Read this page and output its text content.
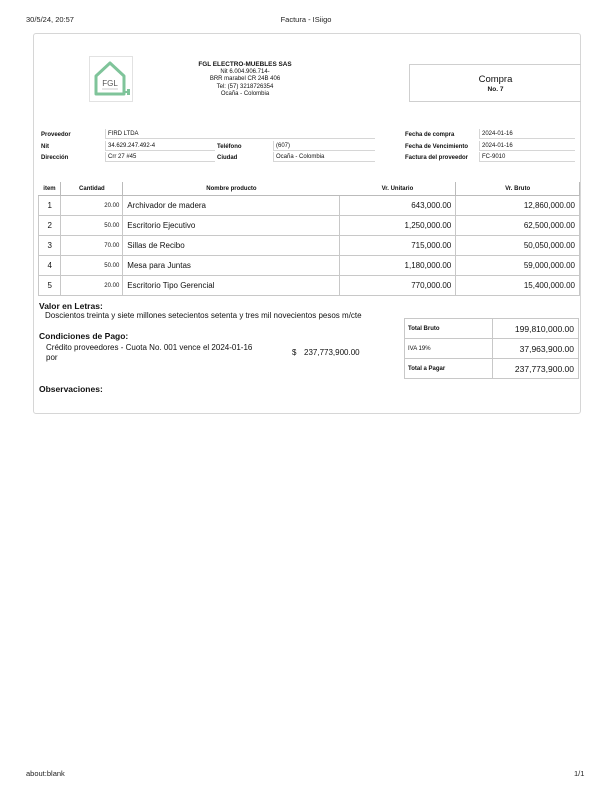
30/5/24, 20:57	Factura - ISiigo
FGL
FGL ELECTRO-MUEBLES SAS
Nit 6.004.906.714-
BRR marabel CR 24B 406
Tel: (57) 3218726354
Ocaña - Colombia
Compra
No. 7
Proveedor	FIRD LTDA
Nit	34.629.247.492-4	Teléfono	(607)
Dirección	Crr 27 #45	Ciudad	Ocaña - Colombia
Fecha de compra	2024-01-16
Fecha de Vencimiento	2024-01-16
Factura del proveedor	FC-9010
item	Cantidad	Nombre producto	Vr. Unitario	Vr. Bruto
1	20.00	Archivador de madera	643,000.00	12,860,000.00
2	50.00	Escritorio Ejecutivo	1,250,000.00	62,500,000.00
3	70.00	Sillas de Recibo	715,000.00	50,050,000.00
4	50.00	Mesa para Juntas	1,180,000.00	59,000,000.00
5	20.00	Escritorio Tipo Gerencial	770,000.00	15,400,000.00
Valor en Letras:
Doscientos treinta y siete millones setecientos setenta y tres mil novecientos pesos m/cte
Condiciones de Pago:
Crédito proveedores - Cuota No. 001 vence el 2024-01-16
por
$ 237,773,900.00
Total Bruto	199,810,000.00
IVA 19%	37,963,900.00
Total a Pagar	237,773,900.00
Observaciones:
about:blank	1/1
